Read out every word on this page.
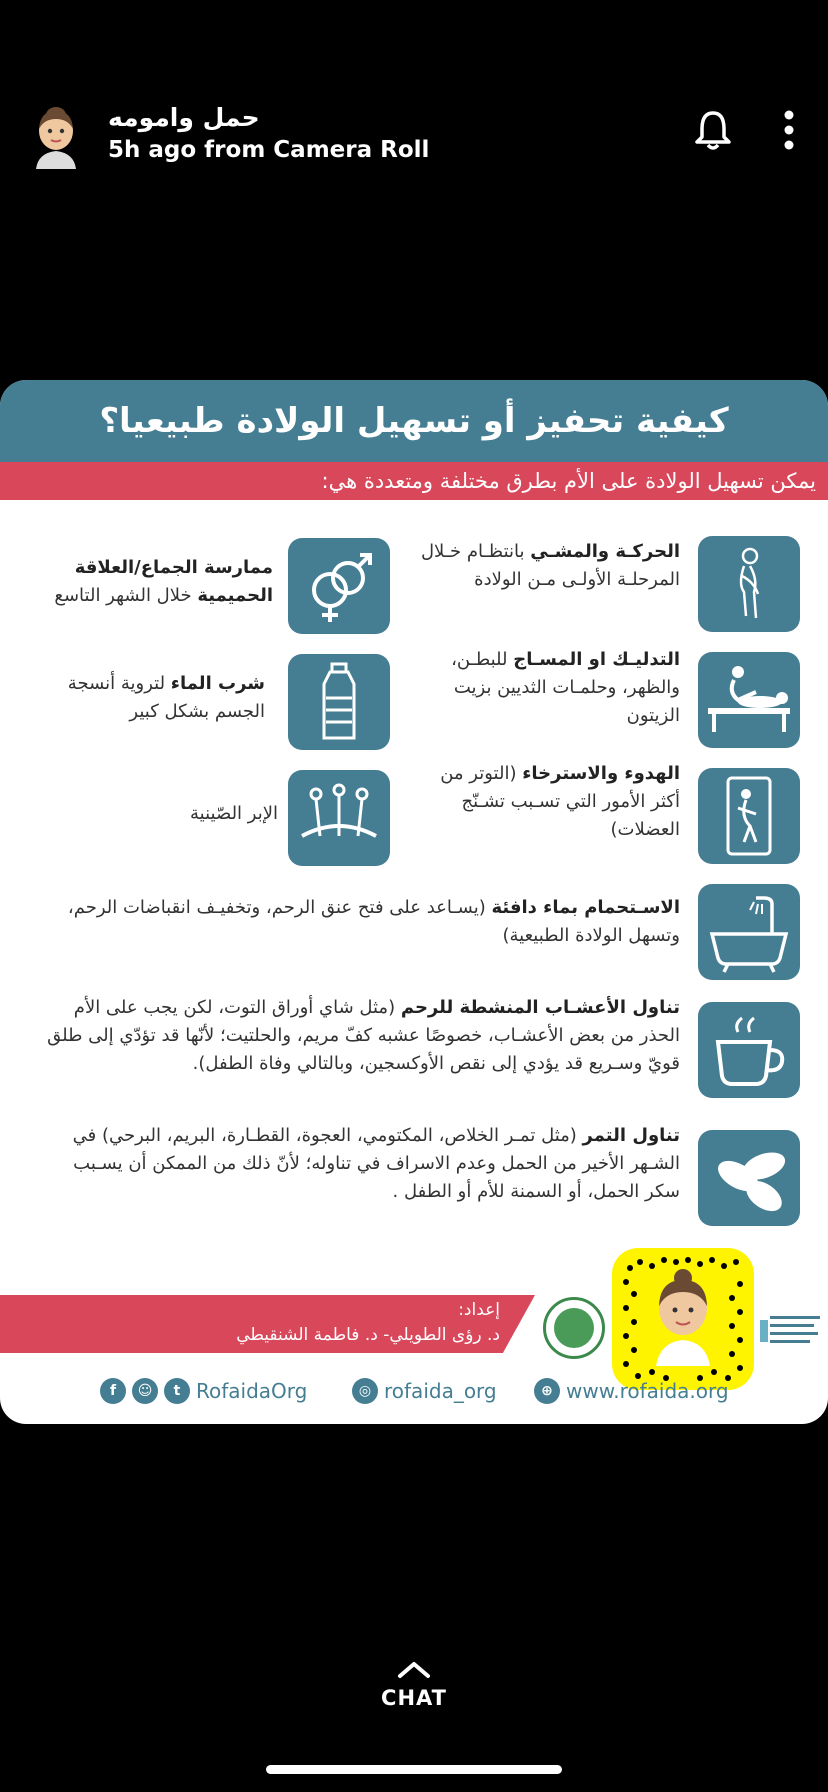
حمل وامومه
5h ago from Camera Roll
كيفية تحفيز أو تسهيل الولادة طبيعيا؟
يمكن تسهيل الولادة على الأم بطرق مختلفة ومتعددة هي:
الحركـة والمشـي بانتظـام خـلال المرحلـة الأولـى مـن الولادة
ممارسة الجماع/العلاقة الحميمية خلال الشهر التاسع
التدليـك او المسـاج للبطـن، والظهر، وحلمـات الثديين بزيت الزيتون
شرب الماء لتروية أنسجة الجسم بشكل كبير
الهدوء والاسترخاء (التوتر من أكثر الأمور التي تسـبب تشـنّج العضلات)
الإبر الصّينية
الاسـتحمام بماء دافئة (يسـاعد على فتح عنق الرحم، وتخفيـف انقباضات الرحم، وتسهل الولادة الطبيعية)
تناول الأعشـاب المنشطة للرحم (مثل شاي أوراق التوت، لكن يجب على الأم الحذر من بعض الأعشـاب، خصوصًا عشبه كفّ مريم، والحلتيت؛ لأنّها قد تؤدّي إلى طلق قويّ وسـريع قد يؤدي إلى نقص الأوكسجين، وبالتالي وفاة الطفل).
تناول التمر (مثل تمـر الخلاص، المكتومي، العجوة، القطـارة، البريم، البرحي) في الشـهر الأخير من الحمل وعدم الاسراف في تناوله؛ لأنّ ذلك من الممكن أن يسـبب سكر الحمل، أو السمنة للأم أو الطفل .
إعداد:
د. رؤى الطويلي- د. فاطمة الشنقيطي
f	☺	t RofaidaOrg	◎ rofaida_org	⊕ www.rofaida.org
CHAT
